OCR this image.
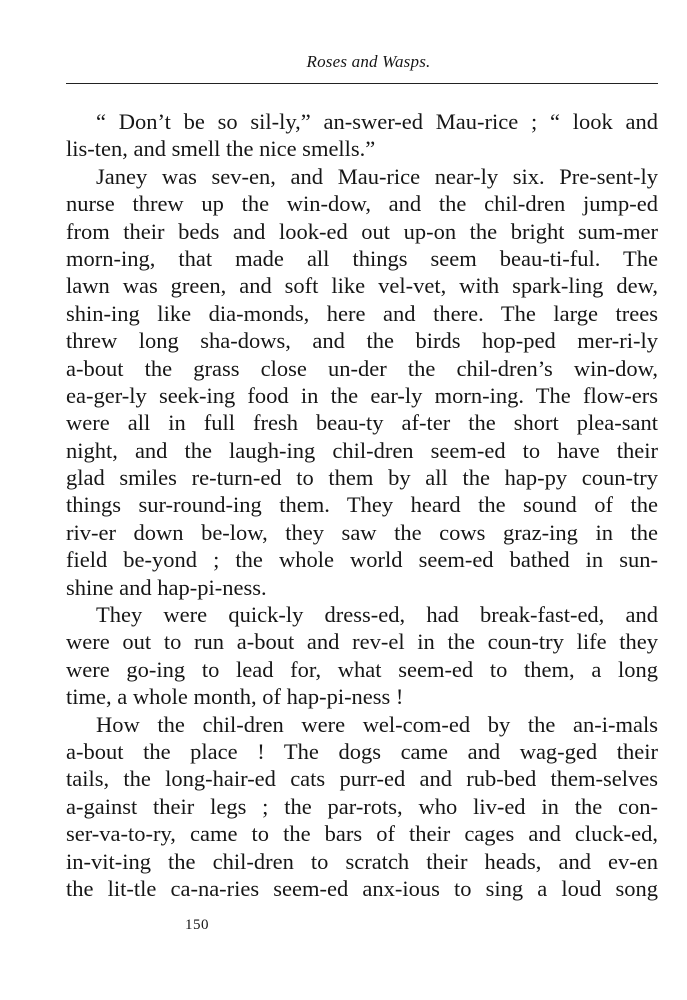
Roses and Wasps.
“ Don’t be so sil-ly,” an-swer-ed Mau-rice ; “ look and
lis-ten, and smell the nice smells.”
Janey was sev-en, and Mau-rice near-ly six. Pre-sent-ly
nurse threw up the win-dow, and the chil-dren jump-ed
from their beds and look-ed out up-on the bright sum-mer
morn-ing, that made all things seem beau-ti-ful. The
lawn was green, and soft like vel-vet, with spark-ling dew,
shin-ing like dia-monds, here and there. The large trees
threw long sha-dows, and the birds hop-ped mer-ri-ly
a-bout the grass close un-der the chil-dren’s win-dow,
ea-ger-ly seek-ing food in the ear-ly morn-ing. The flow-ers
were all in full fresh beau-ty af-ter the short plea-sant
night, and the laugh-ing chil-dren seem-ed to have their
glad smiles re-turn-ed to them by all the hap-py coun-try
things sur-round-ing them. They heard the sound of the
riv-er down be-low, they saw the cows graz-ing in the
field be-yond ; the whole world seem-ed bathed in sun-
shine and hap-pi-ness.
They were quick-ly dress-ed, had break-fast-ed, and
were out to run a-bout and rev-el in the coun-try life they
were go-ing to lead for, what seem-ed to them, a long
time, a whole month, of hap-pi-ness !
How the chil-dren were wel-com-ed by the an-i-mals
a-bout the place ! The dogs came and wag-ged their
tails, the long-hair-ed cats purr-ed and rub-bed them-selves
a-gainst their legs ; the par-rots, who liv-ed in the con-
ser-va-to-ry, came to the bars of their cages and cluck-ed,
in-vit-ing the chil-dren to scratch their heads, and ev-en
the lit-tle ca-na-ries seem-ed anx-ious to sing a loud song
150
